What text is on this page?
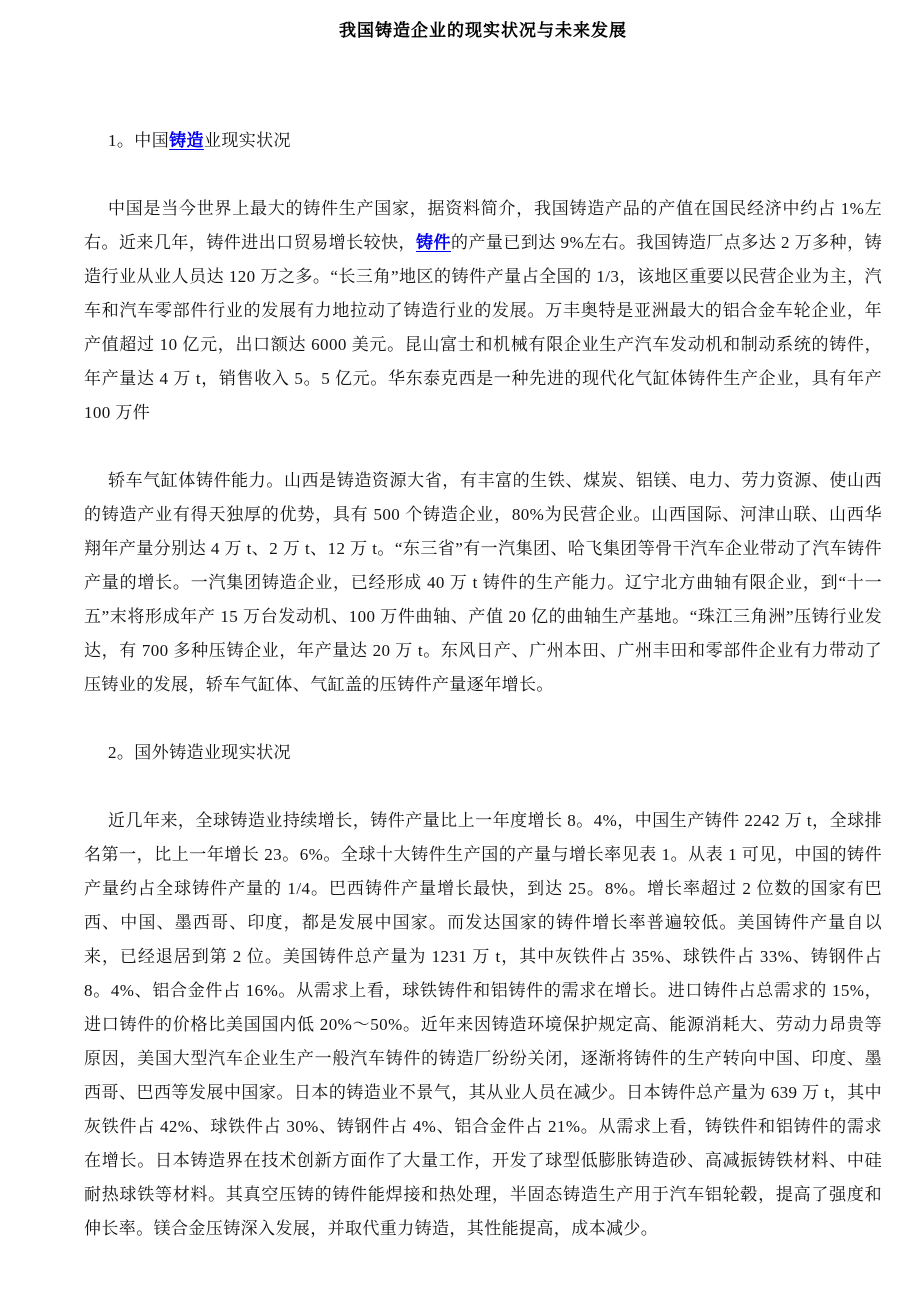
我国铸造企业的现实状况与未来发展

1。中国铸造业现实状况

中国是当今世界上最大的铸件生产国家，据资料简介，我国铸造产品的产值在国民经济中约占 1%左右。近来几年，铸件进出口贸易增长较快，铸件的产量已到达 9%左右。我国铸造厂点多达 2 万多种，铸造行业从业人员达 120 万之多。“长三角”地区的铸件产量占全国的 1/3，该地区重要以民营企业为主，汽车和汽车零部件行业的发展有力地拉动了铸造行业的发展。万丰奥特是亚洲最大的铝合金车轮企业，年产值超过 10 亿元，出口额达 6000 美元。昆山富士和机械有限企业生产汽车发动机和制动系统的铸件，年产量达 4 万 t，销售收入 5。5 亿元。华东泰克西是一种先进的现代化气缸体铸件生产企业，具有年产 100 万件

轿车气缸体铸件能力。山西是铸造资源大省，有丰富的生铁、煤炭、铝镁、电力、劳力资源、使山西的铸造产业有得天独厚的优势，具有 500 个铸造企业，80%为民营企业。山西国际、河津山联、山西华翔年产量分别达 4 万 t、2 万 t、12 万 t。“东三省”有一汽集团、哈飞集团等骨干汽车企业带动了汽车铸件产量的增长。一汽集团铸造企业，已经形成 40 万 t 铸件的生产能力。辽宁北方曲轴有限企业，到“十一五”末将形成年产 15 万台发动机、100 万件曲轴、产值 20 亿的曲轴生产基地。“珠江三角洲”压铸行业发达，有 700 多种压铸企业，年产量达 20 万 t。东风日产、广州本田、广州丰田和零部件企业有力带动了压铸业的发展，轿车气缸体、气缸盖的压铸件产量逐年增长。

2。国外铸造业现实状况

近几年来，全球铸造业持续增长，铸件产量比上一年度增长 8。4%，中国生产铸件 2242 万 t，全球排名第一，比上一年增长 23。6%。全球十大铸件生产国的产量与增长率见表 1。从表 1 可见，中国的铸件产量约占全球铸件产量的 1/4。巴西铸件产量增长最快，到达 25。8%。增长率超过 2 位数的国家有巴西、中国、墨西哥、印度，都是发展中国家。而发达国家的铸件增长率普遍较低。美国铸件产量自以来，已经退居到第 2 位。美国铸件总产量为 1231 万 t，其中灰铁件占 35%、球铁件占 33%、铸钢件占 8。4%、铝合金件占 16%。从需求上看，球铁铸件和铝铸件的需求在增长。进口铸件占总需求的 15%，进口铸件的价格比美国国内低 20%～50%。近年来因铸造环境保护规定高、能源消耗大、劳动力昂贵等原因，美国大型汽车企业生产一般汽车铸件的铸造厂纷纷关闭，逐渐将铸件的生产转向中国、印度、墨西哥、巴西等发展中国家。日本的铸造业不景气，其从业人员在减少。日本铸件总产量为 639 万 t，其中灰铁件占 42%、球铁件占 30%、铸钢件占 4%、铝合金件占 21%。从需求上看，铸铁件和铝铸件的需求在增长。日本铸造界在技术创新方面作了大量工作，开发了球型低膨胀铸造砂、高减振铸铁材料、中硅耐热球铁等材料。其真空压铸的铸件能焊接和热处理，半固态铸造生产用于汽车铝轮毂，提高了强度和伸长率。镁合金压铸深入发展，并取代重力铸造，其性能提高，成本减少。
